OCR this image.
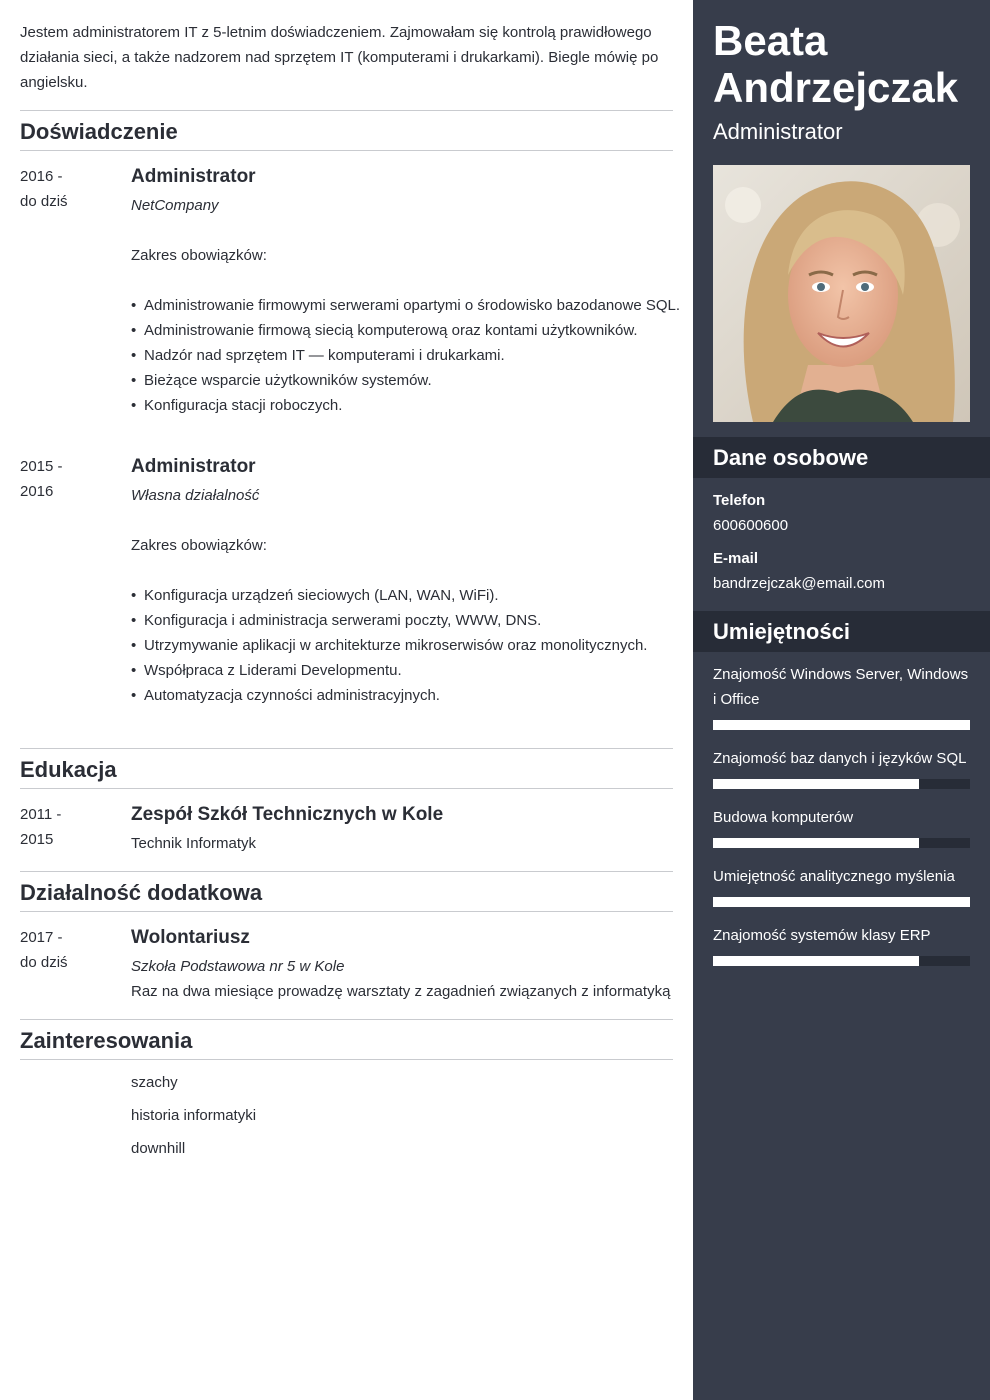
Jestem administratorem IT z 5-letnim doświadczeniem. Zajmowałam się kontrolą prawidłowego działania sieci, a także nadzorem nad sprzętem IT (komputerami i drukarkami). Biegle mówię po angielsku.

Doświadczenie
2016 -
do dziś
Administrator
NetCompany
Zakres obowiązków:
• Administrowanie firmowymi serwerami opartymi o środowisko bazodanowe SQL.
• Administrowanie firmową siecią komputerową oraz kontami użytkowników.
• Nadzór nad sprzętem IT — komputerami i drukarkami.
• Bieżące wsparcie użytkowników systemów.
• Konfiguracja stacji roboczych.
2015 -
2016
Administrator
Własna działalność
Zakres obowiązków:
• Konfiguracja urządzeń sieciowych (LAN, WAN, WiFi).
• Konfiguracja i administracja serwerami poczty, WWW, DNS.
• Utrzymywanie aplikacji w architekturze mikroserwisów oraz monolitycznych.
• Współpraca z Liderami Developmentu.
• Automatyzacja czynności administracyjnych.
Edukacja
2011 -
2015
Zespół Szkół Technicznych w Kole
Technik Informatyk
Działalność dodatkowa
2017 -
do dziś
Wolontariusz
Szkoła Podstawowa nr 5 w Kole
Raz na dwa miesiące prowadzę warsztaty z zagadnień związanych z informatyką
Zainteresowania
szachy
historia informatyki
downhill
Beata
Andrzejczak
Administrator
Dane osobowe
Telefon
600600600
E-mail
bandrzejczak@email.com
Umiejętności
Znajomość Windows Server, Windows i Office
Znajomość baz danych i języków SQL
Budowa komputerów
Umiejętność analitycznego myślenia
Znajomość systemów klasy ERP
